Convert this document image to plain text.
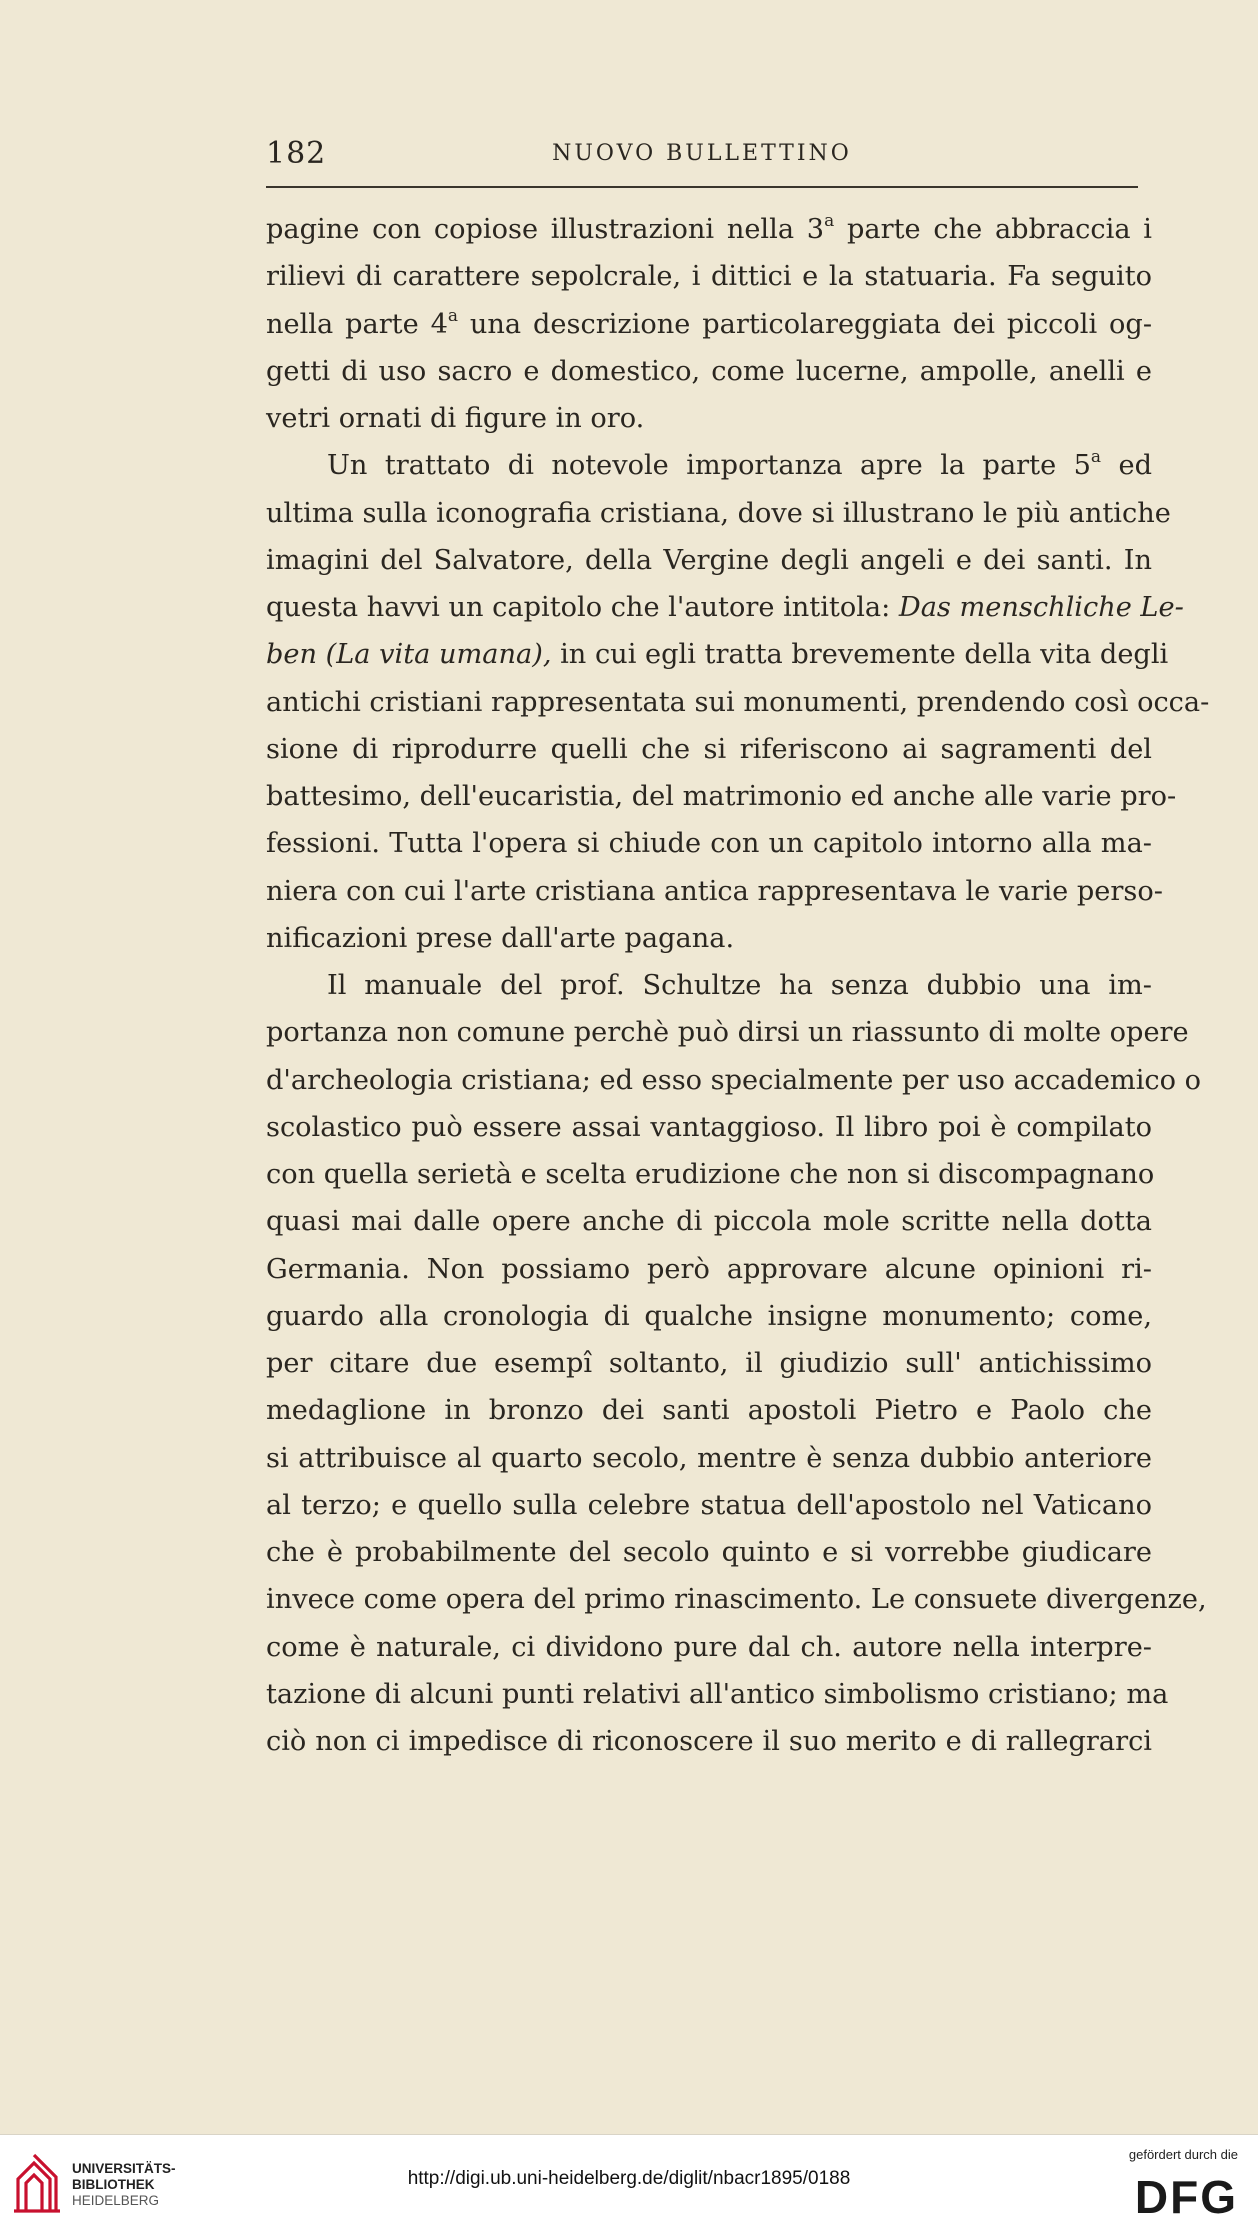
182	NUOVO BULLETTINO
pagine con copiose illustrazioni nella 3$^a$ parte che abbraccia i
rilievi di carattere sepolcrale, i dittici e la statuaria. Fa seguito
nella parte 4$^a$ una descrizione particolareggiata dei piccoli og-
getti di uso sacro e domestico, come lucerne, ampolle, anelli e
vetri ornati di figure in oro.
Un trattato di notevole importanza apre la parte 5$^a$ ed
ultima sulla iconografia cristiana, dove si illustrano le più antiche
imagini del Salvatore, della Vergine degli angeli e dei santi. In
questa havvi un capitolo che l'autore intitola: Das menschliche Le-
ben (La vita umana), in cui egli tratta brevemente della vita degli
antichi cristiani rappresentata sui monumenti, prendendo così occa-
sione di riprodurre quelli che si riferiscono ai sagramenti del
battesimo, dell'eucaristia, del matrimonio ed anche alle varie pro-
fessioni. Tutta l'opera si chiude con un capitolo intorno alla ma-
niera con cui l'arte cristiana antica rappresentava le varie perso-
nificazioni prese dall'arte pagana.
Il manuale del prof. Schultze ha senza dubbio una im-
portanza non comune perchè può dirsi un riassunto di molte opere
d'archeologia cristiana; ed esso specialmente per uso accademico o
scolastico può essere assai vantaggioso. Il libro poi è compilato
con quella serietà e scelta erudizione che non si discompagnano
quasi mai dalle opere anche di piccola mole scritte nella dotta
Germania. Non possiamo però approvare alcune opinioni ri-
guardo alla cronologia di qualche insigne monumento; come,
per citare due esempî soltanto, il giudizio sull' antichissimo
medaglione in bronzo dei santi apostoli Pietro e Paolo che
si attribuisce al quarto secolo, mentre è senza dubbio anteriore
al terzo; e quello sulla celebre statua dell'apostolo nel Vaticano
che è probabilmente del secolo quinto e si vorrebbe giudicare
invece come opera del primo rinascimento. Le consuete divergenze,
come è naturale, ci dividono pure dal ch. autore nella interpre-
tazione di alcuni punti relativi all'antico simbolismo cristiano; ma
ciò non ci impedisce di riconoscere il suo merito e di rallegrarci
UNIVERSITÄTS-
BIBLIOTHEK
HEIDELBERG
http://digi.ub.uni-heidelberg.de/diglit/nbacr1895/0188
gefördert durch die
DFG
